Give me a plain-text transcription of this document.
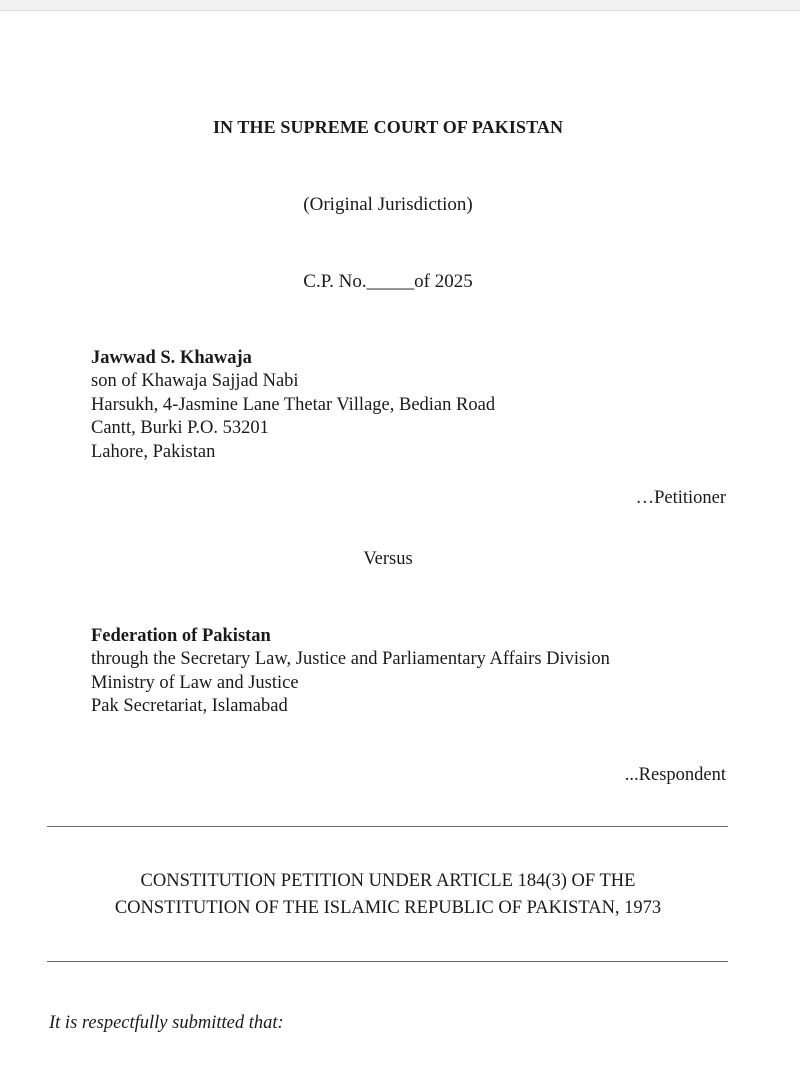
IN THE SUPREME COURT OF PAKISTAN

(Original Jurisdiction)

C.P. No._____of 2025

Jawwad S. Khawaja
son of Khawaja Sajjad Nabi
Harsukh, 4-Jasmine Lane Thetar Village, Bedian Road
Cantt, Burki P.O. 53201
Lahore, Pakistan

…Petitioner

Versus

Federation of Pakistan
through the Secretary Law, Justice and Parliamentary Affairs Division
Ministry of Law and Justice
Pak Secretariat, Islamabad

...Respondent

CONSTITUTION PETITION UNDER ARTICLE 184(3) OF THE
CONSTITUTION OF THE ISLAMIC REPUBLIC OF PAKISTAN, 1973

It is respectfully submitted that:
